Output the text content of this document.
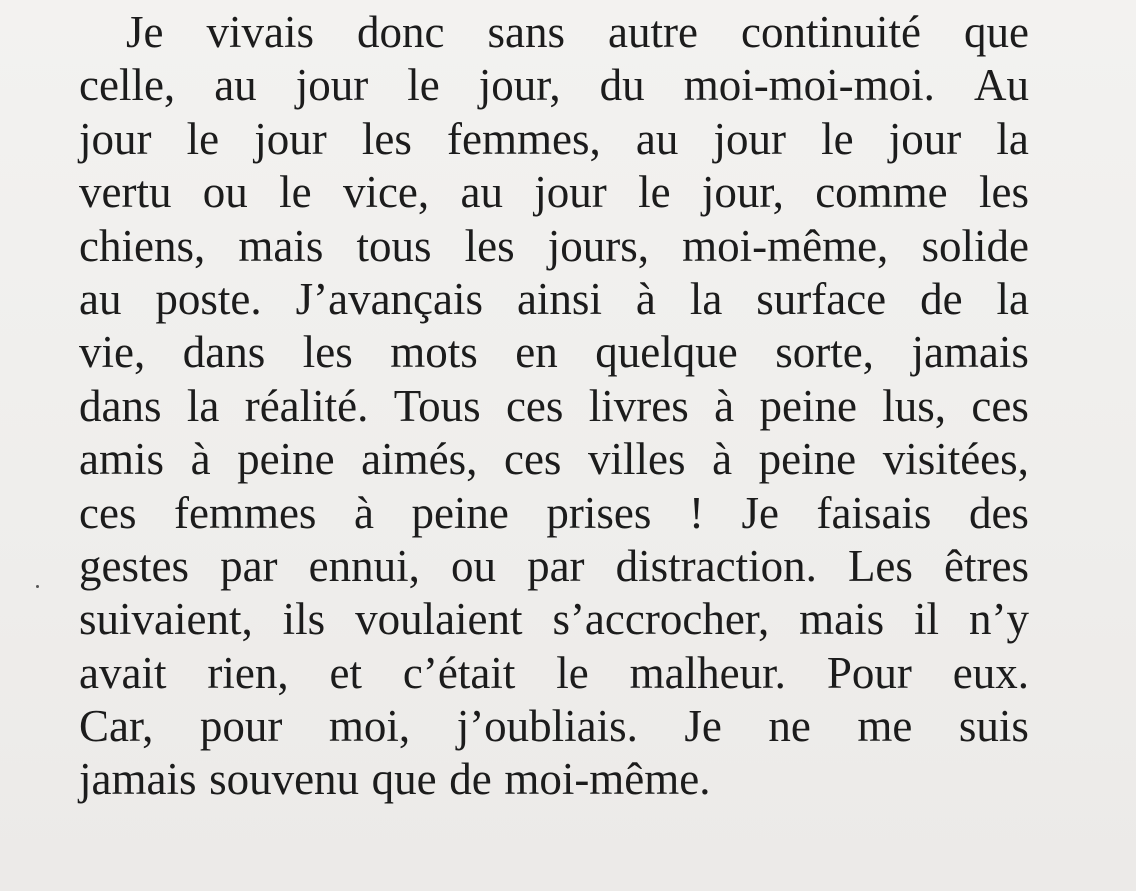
Je vivais donc sans autre continuité que
celle, au jour le jour, du moi-moi-moi. Au
jour le jour les femmes, au jour le jour la
vertu ou le vice, au jour le jour, comme les
chiens, mais tous les jours, moi-même, solide
au poste. J’avançais ainsi à la surface de la
vie, dans les mots en quelque sorte, jamais
dans la réalité. Tous ces livres à peine lus, ces
amis à peine aimés, ces villes à peine visitées,
ces femmes à peine prises ! Je faisais des
gestes par ennui, ou par distraction. Les êtres
suivaient, ils voulaient s’accrocher, mais il n’y
avait rien, et c’était le malheur. Pour eux.
Car, pour moi, j’oubliais. Je ne me suis
jamais souvenu que de moi-même.
